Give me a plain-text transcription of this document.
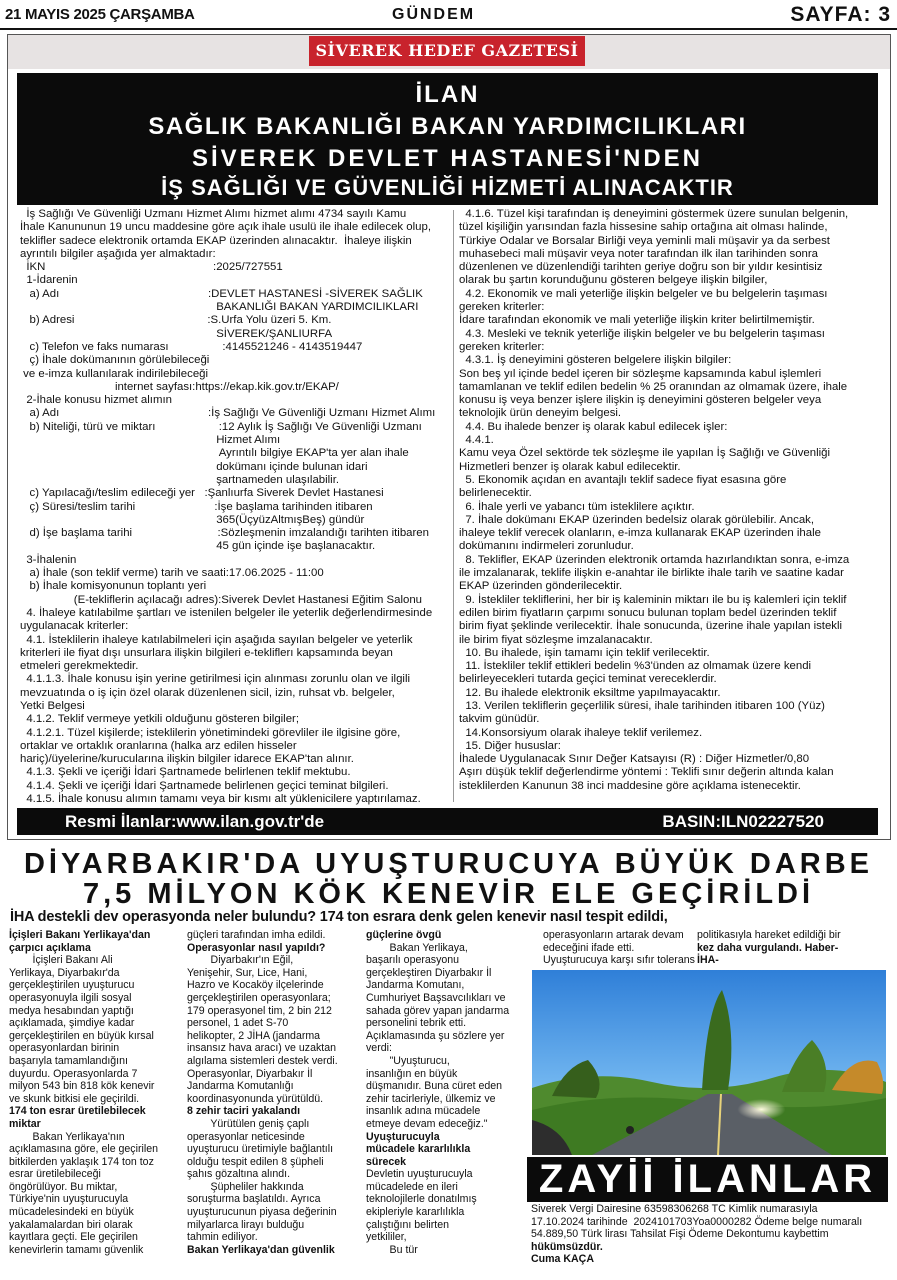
21 MAYIS 2025 ÇARŞAMBA	GÜNDEM	SAYFA: 3
SİVEREK HEDEF GAZETESİ
İLAN
SAĞLIK BAKANLIĞI BAKAN YARDIMCILIKLARI
SİVEREK DEVLET HASTANESİ'NDEN
İŞ SAĞLIĞI VE GÜVENLİĞİ HİZMETİ ALINACAKTIR

İş Sağlığı Ve Güvenliği Uzmanı Hizmet Alımı hizmet alımı 4734 sayılı Kamu

İhale Kanununun 19 uncu maddesine göre açık ihale usulü ile ihale edilecek olup,

teklifler sadece elektronik ortamda EKAP üzerinden alınacaktır.  İhaleye ilişkin

ayrıntılı bilgiler aşağıda yer almaktadır:

İKN                                                     :2025/727551

1-İdarenin

a) Adı                                               :DEVLET HASTANESİ -SİVEREK SAĞLIK

BAKANLIĞI BAKAN YARDIMCILIKLARI

b) Adresi                                          :S.Urfa Yolu üzeri 5. Km.

SİVEREK/ŞANLIURFA

c) Telefon ve faks numarası                 :4145521246 - 4143519447

ç) İhale dokümanının görülebileceği

ve e-imza kullanılarak indirilebileceği

internet sayfası:https://ekap.kik.gov.tr/EKAP/

2-İhale konusu hizmet alımın

a) Adı                                               :İş Sağlığı Ve Güvenliği Uzmanı Hizmet Alımı

b) Niteliği, türü ve miktarı                    :12 Aylık İş Sağlığı Ve Güvenliği Uzmanı

Hizmet Alımı

Ayrıntılı bilgiye EKAP'ta yer alan ihale

dokümanı içinde bulunan idari

şartnameden ulaşılabilir.

c) Yapılacağı/teslim edileceği yer   :Şanlıurfa Siverek Devlet Hastanesi

ç) Süresi/teslim tarihi                         :İşe başlama tarihinden itibaren

365(ÜçyüzAltmışBeş) gündür

d) İşe başlama tarihi                           :Sözleşmenin imzalandığı tarihten itibaren

45 gün içinde işe başlanacaktır.

3-İhalenin

a) İhale (son teklif verme) tarih ve saati:17.06.2025 - 11:00

b) İhale komisyonunun toplantı yeri

(E-tekliflerin açılacağı adres):Siverek Devlet Hastanesi Eğitim Salonu

4. İhaleye katılabilme şartları ve istenilen belgeler ile yeterlik değerlendirmesinde

uygulanacak kriterler:

4.1. İsteklilerin ihaleye katılabilmeleri için aşağıda sayılan belgeler ve yeterlik

kriterleri ile fiyat dışı unsurlara ilişkin bilgileri e-tekliflerı kapsamında beyan

etmeleri gerekmektedir.

4.1.1.3. İhale konusu işin yerine getirilmesi için alınması zorunlu olan ve ilgili

mevzuatında o iş için özel olarak düzenlenen sicil, izin, ruhsat vb. belgeler,

Yetki Belgesi

4.1.2. Teklif vermeye yetkili olduğunu gösteren bilgiler;

4.1.2.1. Tüzel kişilerde; isteklilerin yönetimindeki görevliler ile ilgisine göre,

ortaklar ve ortaklık oranlarına (halka arz edilen hisseler

hariç)/üyelerine/kurucularına ilişkin bilgiler idarece EKAP'tan alınır.

4.1.3. Şekli ve içeriği İdari Şartnamede belirlenen teklif mektubu.

4.1.4. Şekli ve içeriği İdari Şartnamede belirlenen geçici teminat bilgileri.

4.1.5. İhale konusu alımın tamamı veya bir kısmı alt yüklenicilere yaptırılamaz.

4.1.6. Tüzel kişi tarafından iş deneyimini göstermek üzere sunulan belgenin,

tüzel kişiliğin yarısından fazla hissesine sahip ortağına ait olması halinde,

Türkiye Odalar ve Borsalar Birliği veya yeminli mali müşavir ya da serbest

muhasebeci mali müşavir veya noter tarafından ilk ilan tarihinden sonra

düzenlenen ve düzenlendiği tarihten geriye doğru son bir yıldır kesintisiz

olarak bu şartın korunduğunu gösteren belgeye ilişkin bilgiler,

4.2. Ekonomik ve mali yeterliğe ilişkin belgeler ve bu belgelerin taşıması

gereken kriterler:

İdare tarafından ekonomik ve mali yeterliğe ilişkin kriter belirtilmemiştir.

4.3. Mesleki ve teknik yeterliğe ilişkin belgeler ve bu belgelerin taşıması

gereken kriterler:

4.3.1. İş deneyimini gösteren belgelere ilişkin bilgiler:

Son beş yıl içinde bedel içeren bir sözleşme kapsamında kabul işlemleri

tamamlanan ve teklif edilen bedelin % 25 oranından az olmamak üzere, ihale

konusu iş veya benzer işlere ilişkin iş deneyimini gösteren belgeler veya

teknolojik ürün deneyim belgesi.

4.4. Bu ihalede benzer iş olarak kabul edilecek işler:

4.4.1.

Kamu veya Özel sektörde tek sözleşme ile yapılan İş Sağlığı ve Güvenliği

Hizmetleri benzer iş olarak kabul edilecektir.

5. Ekonomik açıdan en avantajlı teklif sadece fiyat esasına göre

belirlenecektir.

6. İhale yerli ve yabancı tüm isteklilere açıktır.

7. İhale dokümanı EKAP üzerinden bedelsiz olarak görülebilir. Ancak,

ihaleye teklif verecek olanların, e-imza kullanarak EKAP üzerinden ihale

dokümanını indirmeleri zorunludur.

8. Teklifler, EKAP üzerinden elektronik ortamda hazırlandıktan sonra, e-imza

ile imzalanarak, teklife ilişkin e-anahtar ile birlikte ihale tarih ve saatine kadar

EKAP üzerinden gönderilecektir.

9. İstekliler tekliflerini, her bir iş kaleminin miktarı ile bu iş kalemleri için teklif

edilen birim fiyatların çarpımı sonucu bulunan toplam bedel üzerinden teklif

birim fiyat şeklinde verilecektir. İhale sonucunda, üzerine ihale yapılan istekli

ile birim fiyat sözleşme imzalanacaktır.

10. Bu ihalede, işin tamamı için teklif verilecektir.

11. İstekliler teklif ettikleri bedelin %3'ünden az olmamak üzere kendi

belirleyecekleri tutarda geçici teminat vereceklerdir.

12. Bu ihalede elektronik eksiltme yapılmayacaktır.

13. Verilen tekliflerin geçerlilik süresi, ihale tarihinden itibaren 100 (Yüz)

takvim günüdür.

14.Konsorsiyum olarak ihaleye teklif verilemez.

15. Diğer hususlar:

İhalede Uygulanacak Sınır Değer Katsayısı (R) : Diğer Hizmetler/0,80

Aşırı düşük teklif değerlendirme yöntemi : Teklifi sınır değerin altında kalan

isteklilerden Kanunun 38 inci maddesine göre açıklama istenecektir.

Resmi İlanlar:www.ilan.gov.tr'de	BASIN:ILN02227520
DİYARBAKIR'DA UYUŞTURUCUYA BÜYÜK DARBE
7,5 MİLYON KÖK KENEVİR ELE GEÇİRİLDİ
İHA destekli dev operasyonda neler bulundu? 174 ton esrara denk gelen kenevir nasıl tespit edildi,

İçişleri Bakanı Yerlikaya'dan

çarpıcı açıklama

İçişleri Bakanı Ali

Yerlikaya, Diyarbakır'da

gerçekleştirilen uyuşturucu

operasyonuyla ilgili sosyal

medya hesabından yaptığı

açıklamada, şimdiye kadar

gerçekleştirilen en büyük kırsal

operasyonlardan birinin

başarıyla tamamlandığını

duyurdu. Operasyonlarda 7

milyon 543 bin 818 kök kenevir

ve skunk bitkisi ele geçirildi.

174 ton esrar üretilebilecek

miktar

Bakan Yerlikaya'nın

açıklamasına göre, ele geçirilen

bitkilerden yaklaşık 174 ton toz

esrar üretilebileceği

öngörülüyor. Bu miktar,

Türkiye'nin uyuşturucuyla

mücadelesindeki en büyük

yakalamalardan biri olarak

kayıtlara geçti. Ele geçirilen

kenevirlerin tamamı güvenlik

güçleri tarafından imha edildi.

Operasyonlar nasıl yapıldı?

Diyarbakır'ın Eğil,

Yenişehir, Sur, Lice, Hani,

Hazro ve Kocaköy ilçelerinde

gerçekleştirilen operasyonlara;

179 operasyonel tim, 2 bin 212

personel, 1 adet S-70

helikopter, 2 JİHA (jandarma

insansız hava aracı) ve uzaktan

algılama sistemleri destek verdi.

Operasyonlar, Diyarbakır İl

Jandarma Komutanlığı

koordinasyonunda yürütüldü.

8 zehir taciri yakalandı

Yürütülen geniş çaplı

operasyonlar neticesinde

uyuşturucu üretimiyle bağlantılı

olduğu tespit edilen 8 şüpheli

şahıs gözaltına alındı.

Şüpheliler hakkında

soruşturma başlatıldı. Ayrıca

uyuşturucunun piyasa değerinin

milyarlarca lirayı bulduğu

tahmin ediliyor.

Bakan Yerlikaya'dan güvenlik

güçlerine övgü

Bakan Yerlikaya,

başarılı operasyonu

gerçekleştiren Diyarbakır İl

Jandarma Komutanı,

Cumhuriyet Başsavcılıkları ve

sahada görev yapan jandarma

personelini tebrik etti.

Açıklamasında şu sözlere yer

verdi:

"Uyuşturucu,

insanlığın en büyük

düşmanıdır. Buna cüret eden

zehir tacirleriyle, ülkemiz ve

insanlık adına mücadele

etmeye devam edeceğiz."

Uyuşturucuyla

mücadele kararlılıkla

sürecek

Devletin uyuşturucuyla

mücadelede en ileri

teknolojilerle donatılmış

ekipleriyle kararlılıkla

çalıştığını belirten

yetkililer,

Bu tür

operasyonların artarak devam

edeceğini ifade etti.

Uyuşturucuya karşı sıfır tolerans

politikasıyla hareket edildiği bir

kez daha vurgulandı. Haber-

İHA-

ZAYİİ İLANLAR

Siverek Vergi Dairesine 63598306268 TC Kimlik numarasıyla

17.10.2024 tarihinde  2024101703Yoa0000282 Ödeme belge numaralı

54.889,50 Türk lirası Tahsilat Fişi Ödeme Dekontumu kaybettim

hükümsüzdür.

Cuma KAÇA
